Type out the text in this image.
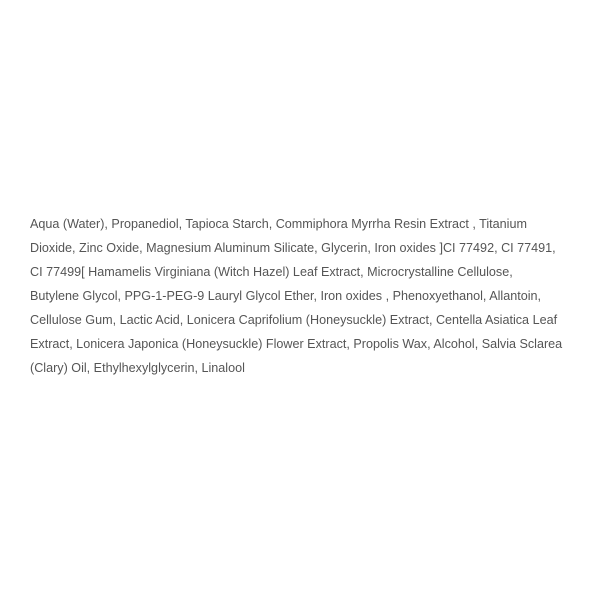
Aqua (Water), Propanediol, Tapioca Starch, Commiphora Myrrha Resin Extract , Titanium
Dioxide, Zinc Oxide, Magnesium Aluminum Silicate, Glycerin, Iron oxides ]CI 77492, CI 77491,
CI 77499[ Hamamelis Virginiana (Witch Hazel) Leaf Extract, Microcrystalline Cellulose,
Butylene Glycol, PPG-1-PEG-9 Lauryl Glycol Ether, Iron oxides , Phenoxyethanol, Allantoin,
Cellulose Gum, Lactic Acid, Lonicera Caprifolium (Honeysuckle) Extract, Centella Asiatica Leaf
Extract, Lonicera Japonica (Honeysuckle) Flower Extract, Propolis Wax, Alcohol, Salvia Sclarea
(Clary) Oil, Ethylhexylglycerin, Linalool
